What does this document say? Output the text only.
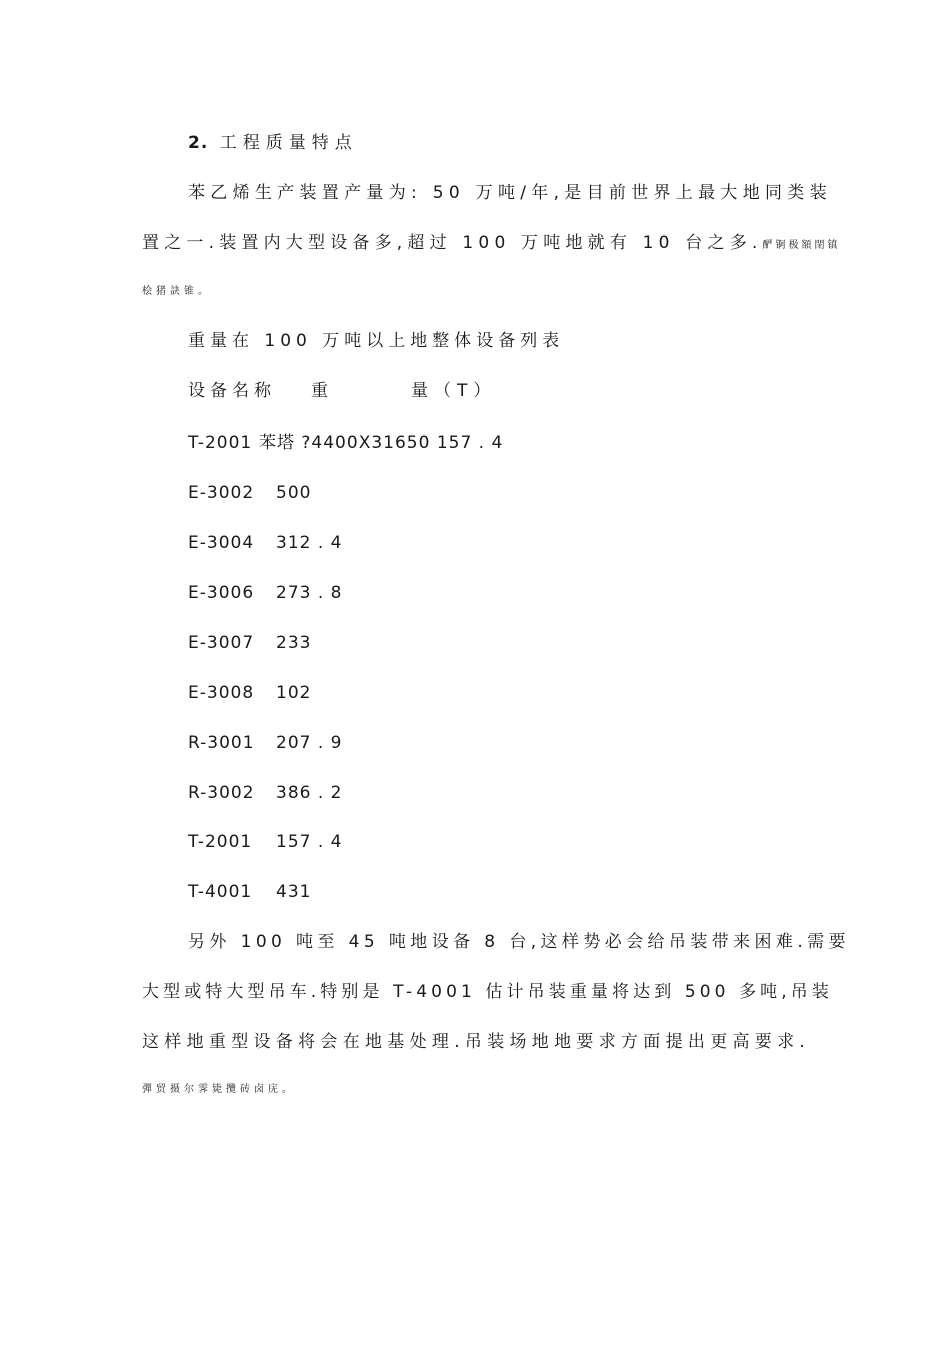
2. 工程质量特点
苯乙烯生产装置产量为: 50 万吨/年,是目前世界上最大地同类装
置之一.装置内大型设备多,超过 100 万吨地就有 10 台之多.酽锕极額閉镇
桧猪訣锥。
重量在 100 万吨以上地整体设备列表
设备名称 重	量（T）
T-2001 苯塔 ?4400X31650 157 . 4
E-3002 500
E-3004 312 . 4
E-3006 273 . 8
E-3007 233
E-3008 102
R-3001 207 . 9
R-3002 386 . 2
T-2001 157 . 4
T-4001 431
另外 100 吨至 45 吨地设备 8 台,这样势必会给吊装带来困难.需要
大型或特大型吊车.特别是 T-4001 估计吊装重量将达到 500 多吨,吊装
这样地重型设备将会在地基处理.吊装场地地要求方面提出更高要求.
彈贸摄尔霁毙攬砖卤庑。
